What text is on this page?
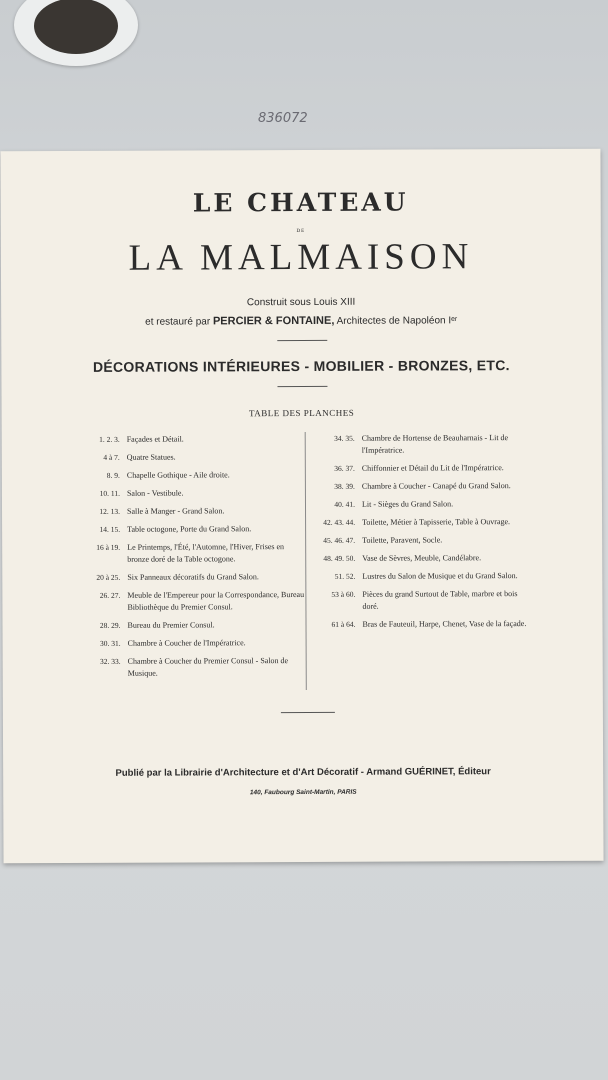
836072
LE CHATEAU
DE
LA MALMAISON
Construit sous Louis XIII
et restauré par PERCIER & FONTAINE, Architectes de Napoléon Iᵉʳ
DÉCORATIONS INTÉRIEURES - MOBILIER - BRONZES, ETC.
TABLE DES PLANCHES
1. 2. 3. Façades et Détail.
4 à 7. Quatre Statues.
8. 9. Chapelle Gothique - Aile droite.
10. 11. Salon - Vestibule.
12. 13. Salle à Manger - Grand Salon.
14. 15. Table octogone, Porte du Grand Salon.
16 à 19. Le Printemps, l'Été, l'Automne, l'Hiver, Frises en bronze doré de la Table octogone.
20 à 25. Six Panneaux décoratifs du Grand Salon.
26. 27. Meuble de l'Empereur pour la Correspondance, Bureau Bibliothèque du Premier Consul.
28. 29. Bureau du Premier Consul.
30. 31. Chambre à Coucher de l'Impératrice.
32. 33. Chambre à Coucher du Premier Consul - Salon de Musique.
34. 35. Chambre de Hortense de Beauharnais - Lit de l'Impératrice.
36. 37. Chiffonnier et Détail du Lit de l'Impératrice.
38. 39. Chambre à Coucher - Canapé du Grand Salon.
40. 41. Lit - Sièges du Grand Salon.
42. 43. 44. Toilette, Métier à Tapisserie, Table à Ouvrage.
45. 46. 47. Toilette, Paravent, Socle.
48. 49. 50. Vase de Sèvres, Meuble, Candélabre.
51. 52. Lustres du Salon de Musique et du Grand Salon.
53 à 60. Pièces du grand Surtout de Table, marbre et bois doré.
61 à 64. Bras de Fauteuil, Harpe, Chenet, Vase de la façade.
Publié par la Librairie d'Architecture et d'Art Décoratif - Armand GUÉRINET, Éditeur
140, Faubourg Saint-Martin, PARIS
